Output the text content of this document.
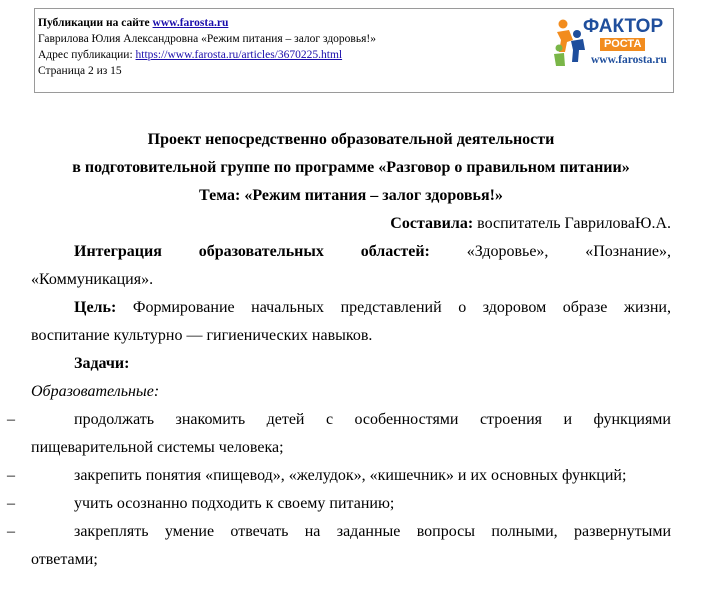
Публикации на сайте www.farosta.ru
Гаврилова Юлия Александровна «Режим питания – залог здоровья!»
Адрес публикации: https://www.farosta.ru/articles/3670225.html
Страница 2 из 15
ФАКТОР
РОСТА
www.farosta.ru
Проект непосредственно образовательной деятельности
в подготовительной группе по программе «Разговор о правильном питании»
Тема: «Режим питания – залог здоровья!»
Составила: воспитатель ГавриловаЮ.А.
Интеграция образовательных областей: «Здоровье», «Познание»,
«Коммуникация».
Цель: Формирование начальных представлений о здоровом образе жизни,
воспитание культурно — гигиенических навыков.
Задачи:
Образовательные:
–	продолжать знакомить детей с особенностями строения и функциями
пищеварительной системы человека;
–	закрепить понятия «пищевод», «желудок», «кишечник» и их основных функций;
–	учить осознанно подходить к своему питанию;
–	закреплять умение отвечать на заданные вопросы полными, развернутыми
ответами;
